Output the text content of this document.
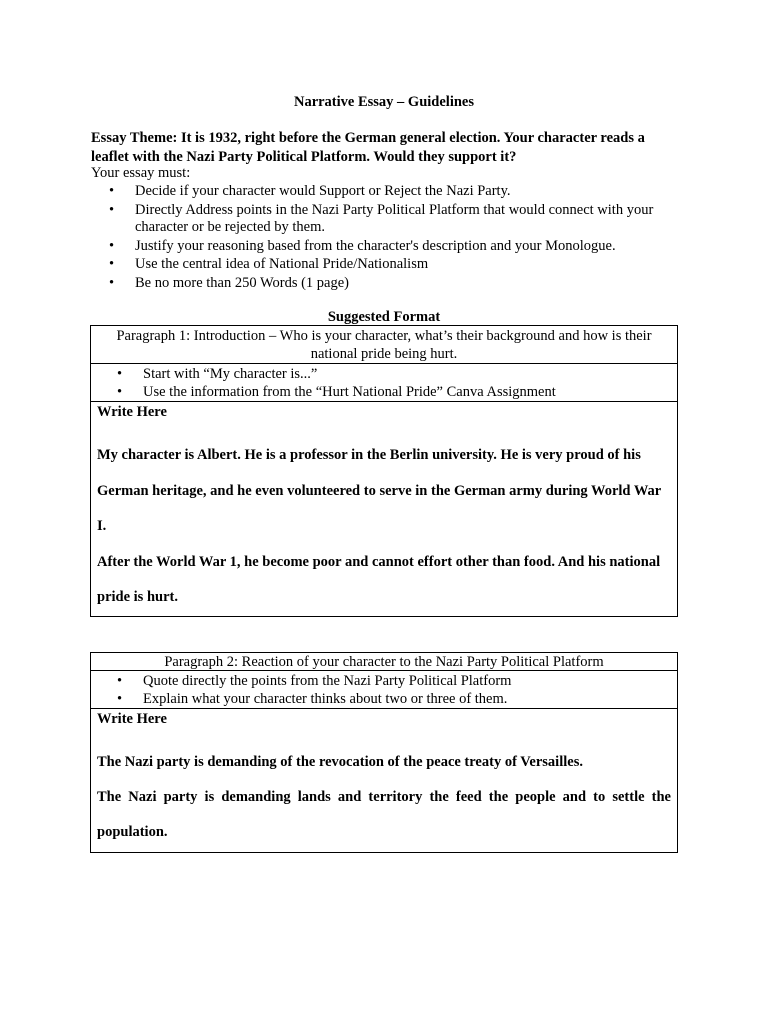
Narrative Essay – Guidelines
Essay Theme: It is 1932, right before the German general election. Your character reads a leaflet with the Nazi Party Political Platform. Would they support it?
Your essay must:
• Decide if your character would Support or Reject the Nazi Party.
• Directly Address points in the Nazi Party Political Platform that would connect with your character or be rejected by them.
• Justify your reasoning based from the character's description and your Monologue.
• Use the central idea of National Pride/Nationalism
• Be no more than 250 Words (1 page)
Suggested Format
Paragraph 1: Introduction – Who is your character, what’s their background and how is their national pride being hurt.
• Start with “My character is...”
• Use the information from the “Hurt National Pride” Canva Assignment

Write Here

My character is Albert. He is a professor in the Berlin university. He is very proud of his German heritage, and he even volunteered to serve in the German army during World War I.

After the World War 1, he become poor and cannot effort other than food. And his national pride is hurt.

Paragraph 2: Reaction of your character to the Nazi Party Political Platform
• Quote directly the points from the Nazi Party Political Platform
• Explain what your character thinks about two or three of them.

Write Here

The Nazi party is demanding of the revocation of the peace treaty of Versailles.

The Nazi party is demanding lands and territory the feed the people and to settle the population.
